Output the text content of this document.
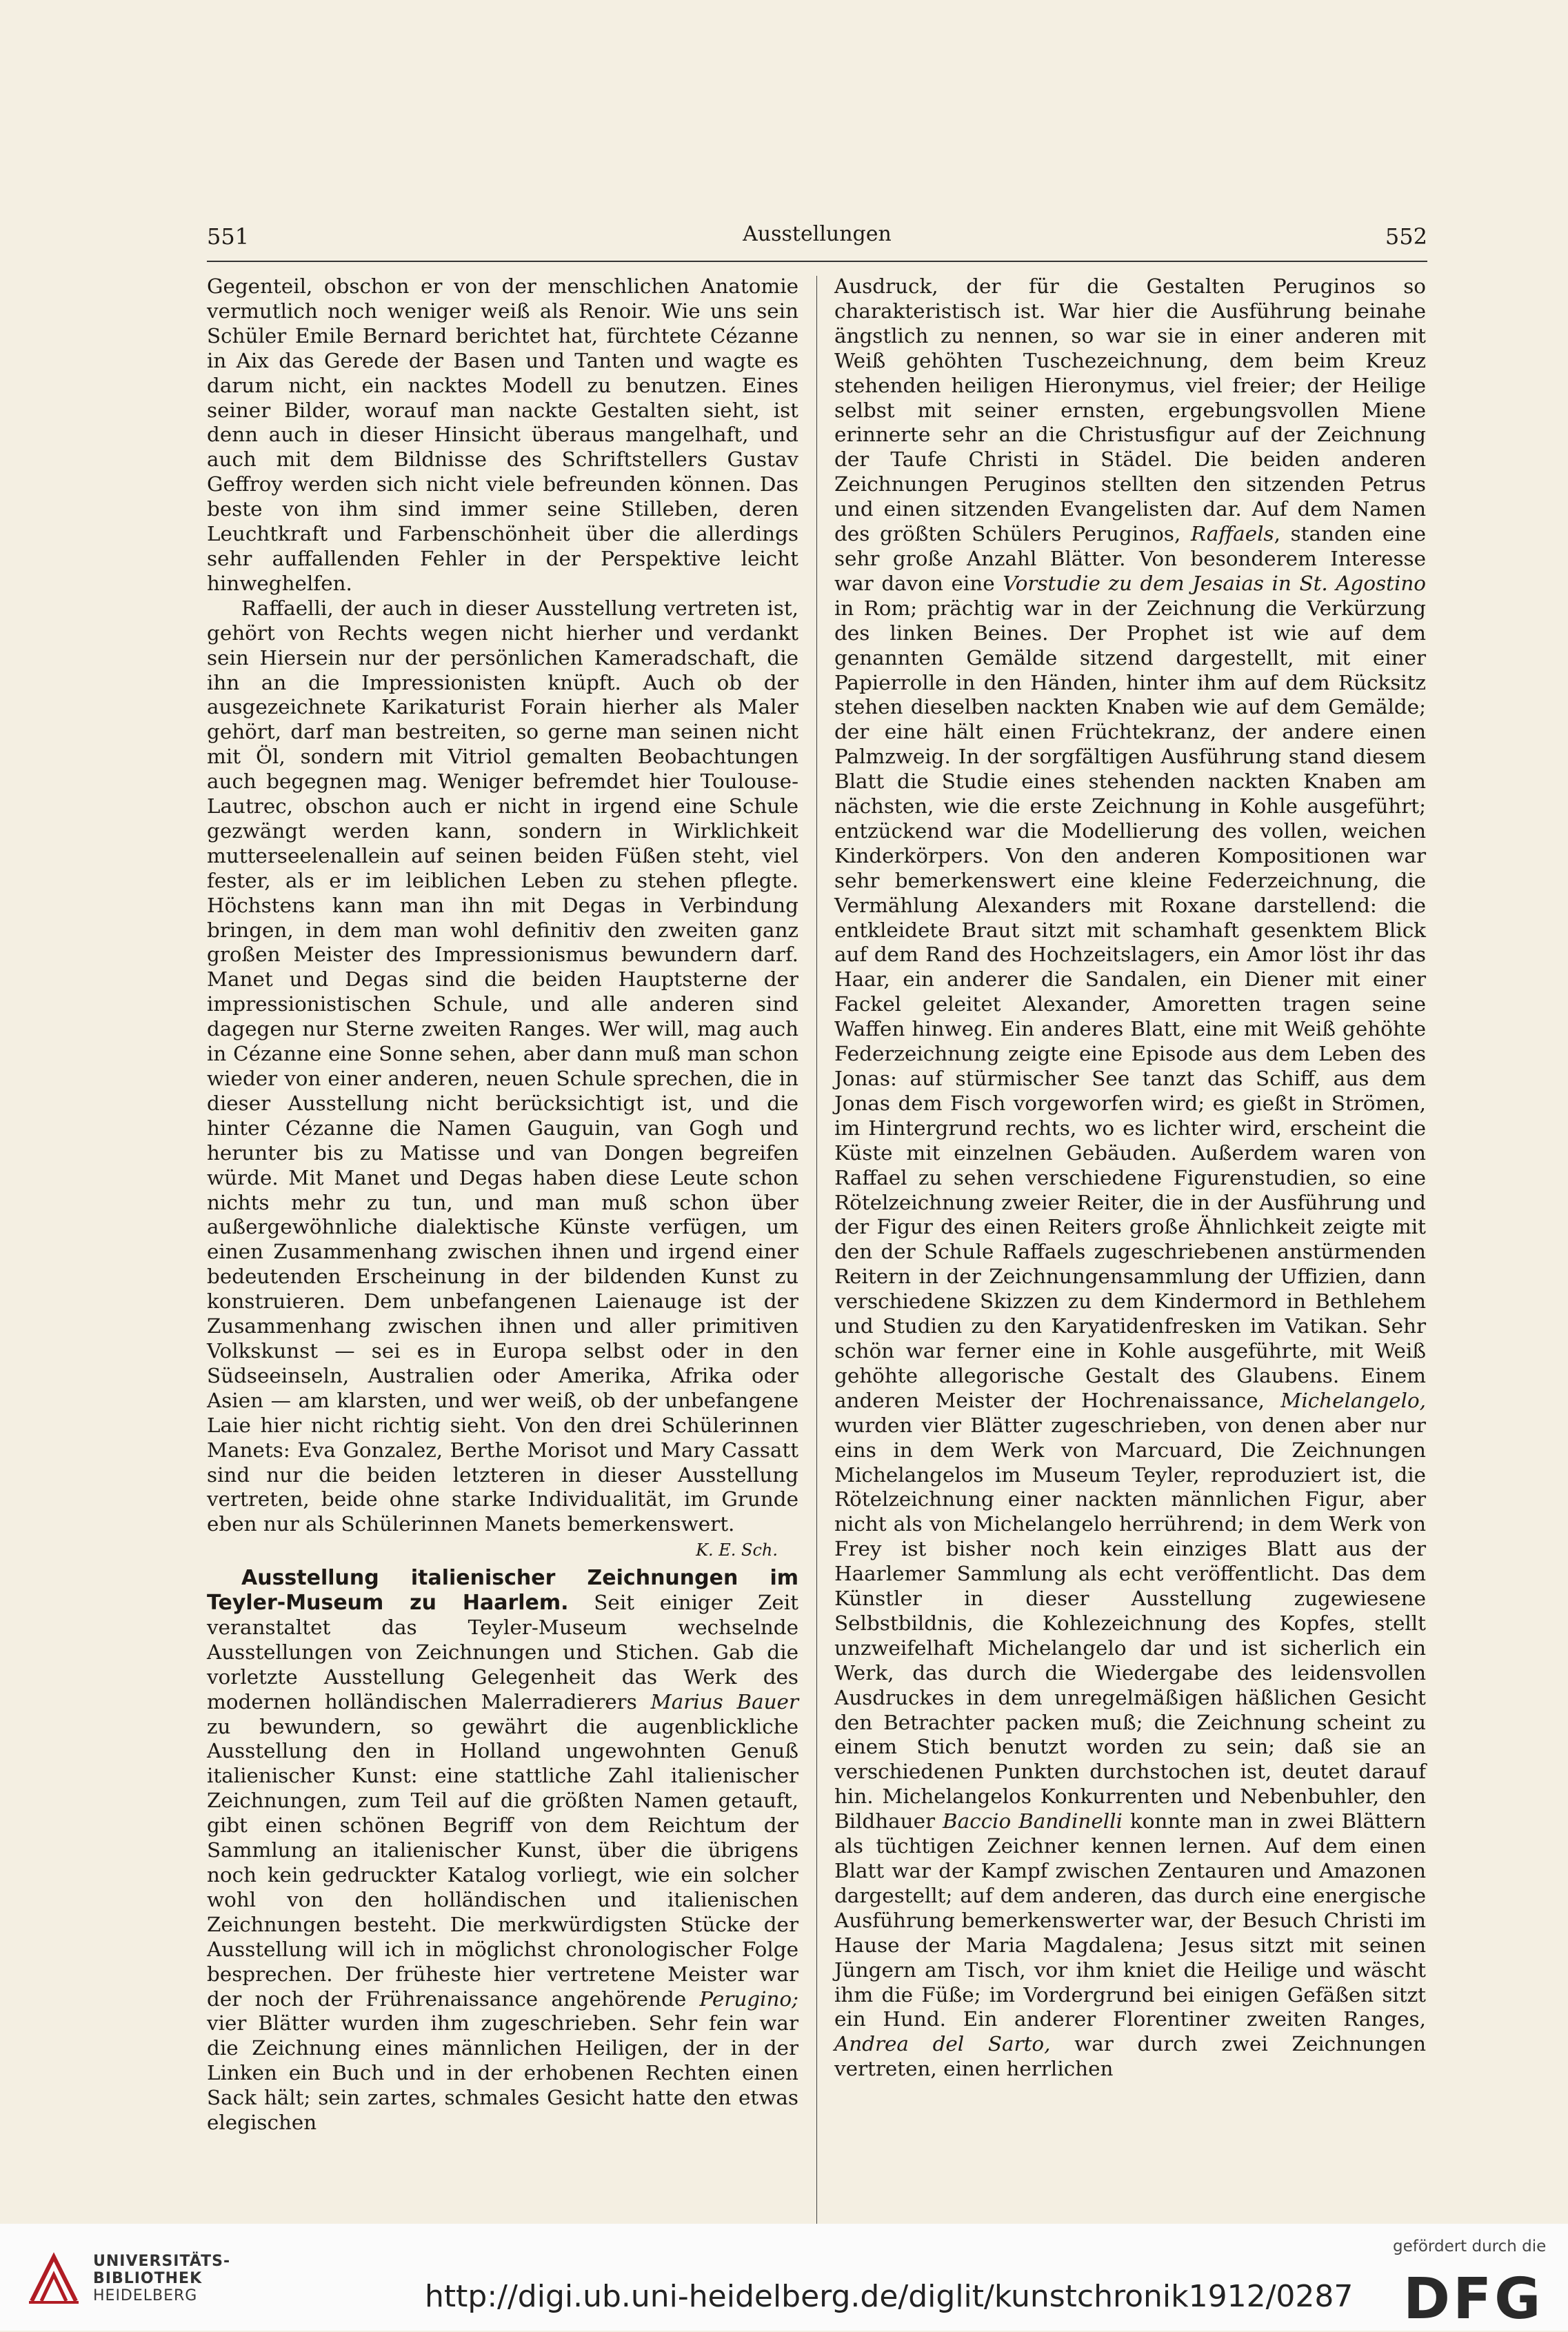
551	Ausstellungen	552

Gegenteil, obschon er von der menschlichen Anatomie vermutlich noch weniger weiß als Renoir. Wie uns sein Schüler Emile Bernard berichtet hat, fürchtete Cézanne in Aix das Gerede der Basen und Tanten und wagte es darum nicht, ein nacktes Modell zu benutzen. Eines seiner Bilder, worauf man nackte Gestalten sieht, ist denn auch in dieser Hinsicht überaus mangelhaft, und auch mit dem Bildnisse des Schriftstellers Gustav Geffroy werden sich nicht viele befreunden können. Das beste von ihm sind immer seine Stilleben, deren Leuchtkraft und Farbenschönheit über die allerdings sehr auffallenden Fehler in der Perspektive leicht hinweghelfen.

Raffaelli, der auch in dieser Ausstellung vertreten ist, gehört von Rechts wegen nicht hierher und verdankt sein Hiersein nur der persönlichen Kameradschaft, die ihn an die Impressionisten knüpft. Auch ob der ausgezeichnete Karikaturist Forain hierher als Maler gehört, darf man bestreiten, so gerne man seinen nicht mit Öl, sondern mit Vitriol gemalten Beobachtungen auch begegnen mag. Weniger befremdet hier Toulouse-Lautrec, obschon auch er nicht in irgend eine Schule gezwängt werden kann, sondern in Wirklichkeit mutterseelenallein auf seinen beiden Füßen steht, viel fester, als er im leiblichen Leben zu stehen pflegte. Höchstens kann man ihn mit Degas in Verbindung bringen, in dem man wohl definitiv den zweiten ganz großen Meister des Impressionismus bewundern darf. Manet und Degas sind die beiden Hauptsterne der impressionistischen Schule, und alle anderen sind dagegen nur Sterne zweiten Ranges. Wer will, mag auch in Cézanne eine Sonne sehen, aber dann muß man schon wieder von einer anderen, neuen Schule sprechen, die in dieser Ausstellung nicht berücksichtigt ist, und die hinter Cézanne die Namen Gauguin, van Gogh und herunter bis zu Matisse und van Dongen begreifen würde. Mit Manet und Degas haben diese Leute schon nichts mehr zu tun, und man muß schon über außergewöhnliche dialektische Künste verfügen, um einen Zusammenhang zwischen ihnen und irgend einer bedeutenden Erscheinung in der bildenden Kunst zu konstruieren. Dem unbefangenen Laienauge ist der Zusammenhang zwischen ihnen und aller primitiven Volkskunst — sei es in Europa selbst oder in den Südseeinseln, Australien oder Amerika, Afrika oder Asien — am klarsten, und wer weiß, ob der unbefangene Laie hier nicht richtig sieht. Von den drei Schülerinnen Manets: Eva Gonzalez, Berthe Morisot und Mary Cassatt sind nur die beiden letzteren in dieser Ausstellung vertreten, beide ohne starke Individualität, im Grunde eben nur als Schülerinnen Manets bemerkenswert.

K. E. Sch.

Ausstellung italienischer Zeichnungen im Teyler-Museum zu Haarlem. Seit einiger Zeit veranstaltet das Teyler-Museum wechselnde Ausstellungen von Zeichnungen und Stichen. Gab die vorletzte Ausstellung Gelegenheit das Werk des modernen holländischen Malerradierers Marius Bauer zu bewundern, so gewährt die augenblickliche Ausstellung den in Holland ungewohnten Genuß italienischer Kunst: eine stattliche Zahl italienischer Zeichnungen, zum Teil auf die größten Namen getauft, gibt einen schönen Begriff von dem Reichtum der Sammlung an italienischer Kunst, über die übrigens noch kein gedruckter Katalog vorliegt, wie ein solcher wohl von den holländischen und italienischen Zeichnungen besteht. Die merkwürdigsten Stücke der Ausstellung will ich in möglichst chronologischer Folge besprechen. Der früheste hier vertretene Meister war der noch der Frührenaissance angehörende Perugino; vier Blätter wurden ihm zugeschrieben. Sehr fein war die Zeichnung eines männlichen Heiligen, der in der Linken ein Buch und in der erhobenen Rechten einen Sack hält; sein zartes, schmales Gesicht hatte den etwas elegischen

Ausdruck, der für die Gestalten Peruginos so charakteristisch ist. War hier die Ausführung beinahe ängstlich zu nennen, so war sie in einer anderen mit Weiß gehöhten Tuschezeichnung, dem beim Kreuz stehenden heiligen Hieronymus, viel freier; der Heilige selbst mit seiner ernsten, ergebungsvollen Miene erinnerte sehr an die Christusfigur auf der Zeichnung der Taufe Christi in Städel. Die beiden anderen Zeichnungen Peruginos stellten den sitzenden Petrus und einen sitzenden Evangelisten dar. Auf dem Namen des größten Schülers Peruginos, Raffaels, standen eine sehr große Anzahl Blätter. Von besonderem Interesse war davon eine Vorstudie zu dem Jesaias in St. Agostino in Rom; prächtig war in der Zeichnung die Verkürzung des linken Beines. Der Prophet ist wie auf dem genannten Gemälde sitzend dargestellt, mit einer Papierrolle in den Händen, hinter ihm auf dem Rücksitz stehen dieselben nackten Knaben wie auf dem Gemälde; der eine hält einen Früchtekranz, der andere einen Palmzweig. In der sorgfältigen Ausführung stand diesem Blatt die Studie eines stehenden nackten Knaben am nächsten, wie die erste Zeichnung in Kohle ausgeführt; entzückend war die Modellierung des vollen, weichen Kinderkörpers. Von den anderen Kompositionen war sehr bemerkenswert eine kleine Federzeichnung, die Vermählung Alexanders mit Roxane darstellend: die entkleidete Braut sitzt mit schamhaft gesenktem Blick auf dem Rand des Hochzeitslagers, ein Amor löst ihr das Haar, ein anderer die Sandalen, ein Diener mit einer Fackel geleitet Alexander, Amoretten tragen seine Waffen hinweg. Ein anderes Blatt, eine mit Weiß gehöhte Federzeichnung zeigte eine Episode aus dem Leben des Jonas: auf stürmischer See tanzt das Schiff, aus dem Jonas dem Fisch vorgeworfen wird; es gießt in Strömen, im Hintergrund rechts, wo es lichter wird, erscheint die Küste mit einzelnen Gebäuden. Außerdem waren von Raffael zu sehen verschiedene Figurenstudien, so eine Rötelzeichnung zweier Reiter, die in der Ausführung und der Figur des einen Reiters große Ähnlichkeit zeigte mit den der Schule Raffaels zugeschriebenen anstürmenden Reitern in der Zeichnungensammlung der Uffizien, dann verschiedene Skizzen zu dem Kindermord in Bethlehem und Studien zu den Karyatidenfresken im Vatikan. Sehr schön war ferner eine in Kohle ausgeführte, mit Weiß gehöhte allegorische Gestalt des Glaubens. Einem anderen Meister der Hochrenaissance, Michelangelo, wurden vier Blätter zugeschrieben, von denen aber nur eins in dem Werk von Marcuard, Die Zeichnungen Michelangelos im Museum Teyler, reproduziert ist, die Rötelzeichnung einer nackten männlichen Figur, aber nicht als von Michelangelo herrührend; in dem Werk von Frey ist bisher noch kein einziges Blatt aus der Haarlemer Sammlung als echt veröffentlicht. Das dem Künstler in dieser Ausstellung zugewiesene Selbstbildnis, die Kohlezeichnung des Kopfes, stellt unzweifelhaft Michelangelo dar und ist sicherlich ein Werk, das durch die Wiedergabe des leidensvollen Ausdruckes in dem unregelmäßigen häßlichen Gesicht den Betrachter packen muß; die Zeichnung scheint zu einem Stich benutzt worden zu sein; daß sie an verschiedenen Punkten durchstochen ist, deutet darauf hin. Michelangelos Konkurrenten und Nebenbuhler, den Bildhauer Baccio Bandinelli konnte man in zwei Blättern als tüchtigen Zeichner kennen lernen. Auf dem einen Blatt war der Kampf zwischen Zentauren und Amazonen dargestellt; auf dem anderen, das durch eine energische Ausführung bemerkenswerter war, der Besuch Christi im Hause der Maria Magdalena; Jesus sitzt mit seinen Jüngern am Tisch, vor ihm kniet die Heilige und wäscht ihm die Füße; im Vordergrund bei einigen Gefäßen sitzt ein Hund. Ein anderer Florentiner zweiten Ranges, Andrea del Sarto, war durch zwei Zeichnungen vertreten, einen herrlichen

UNIVERSITÄTS-
BIBLIOTHEK
HEIDELBERG	http://digi.ub.uni-heidelberg.de/diglit/kunstchronik1912/0287
gefördert durch die
DFG
